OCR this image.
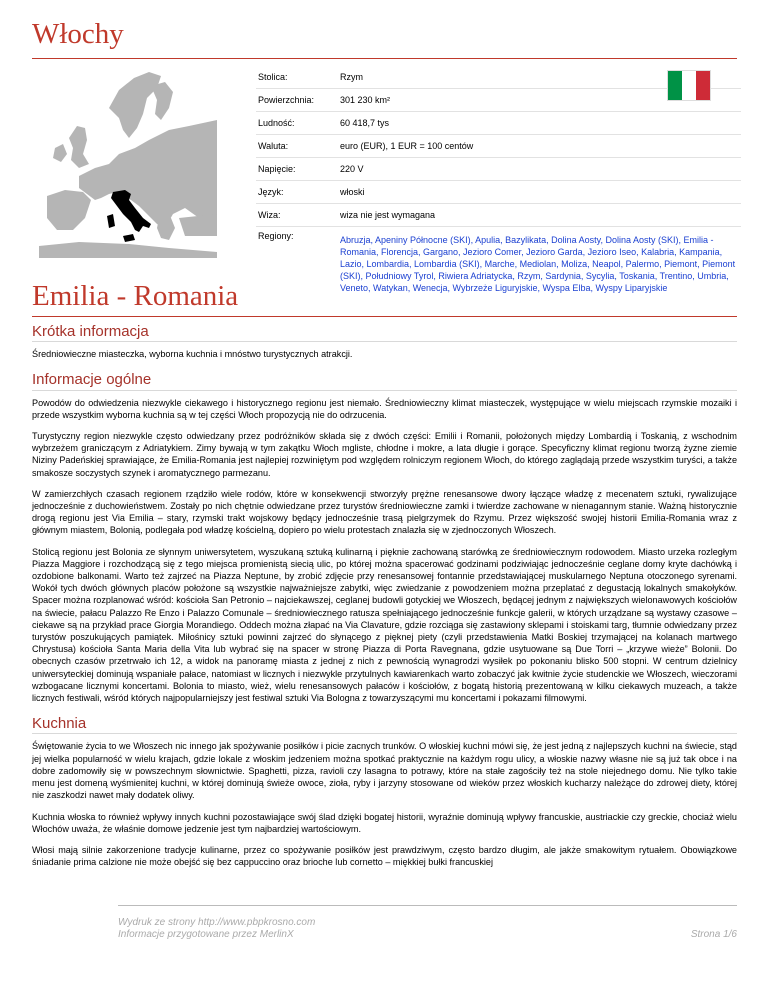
Włochy
Stolica:	Rzym
Powierzchnia:	301 230 km²
Ludność:	60 418,7 tys
Waluta:	euro (EUR), 1 EUR = 100 centów
Napięcie:	220 V
Język:	włoski
Wiza:	wiza nie jest wymagana
Regiony:	Abruzja, Apeniny Północne (SKI), Apulia, Bazylikata, Dolina Aosty, Dolina Aosty (SKI), Emilia - Romania, Florencja, Gargano, Jezioro Comer, Jezioro Garda, Jezioro Iseo, Kalabria, Kampania, Lazio, Lombardia, Lombardia (SKI), Marche, Mediolan, Moliza, Neapol, Palermo, Piemont, Piemont (SKI), Południowy Tyrol, Riwiera Adriatycka, Rzym, Sardynia, Sycylia, Toskania, Trentino, Umbria, Veneto, Watykan, Wenecja, Wybrzeże Liguryjskie, Wyspa Elba, Wyspy Liparyjskie
Emilia - Romania
Krótka informacja

Średniowieczne miasteczka, wyborna kuchnia i mnóstwo turystycznych atrakcji.

Informacje ogólne

Powodów do odwiedzenia niezwykle ciekawego i historycznego regionu jest niemało. Średniowieczny klimat miasteczek, występujące w wielu miejscach rzymskie mozaiki i przede wszystkim wyborna kuchnia są w tej części Włoch propozycją nie do odrzucenia.

Turystyczny region niezwykle często odwiedzany przez podróżników składa się z dwóch części: Emilii i Romanii, położonych między Lombardią i Toskanią, z wschodnim wybrzeżem graniczącym z Adriatykiem. Zimy bywają w tym zakątku Włoch mgliste, chłodne i mokre, a lata długie i gorące. Specyficzny klimat regionu tworzą żyzne ziemie Niziny Padeńskiej sprawiające, że Emilia-Romania jest najlepiej rozwiniętym pod względem rolniczym regionem Włoch, do którego zaglądają przede wszystkim turyści, a także smakosze soczystych szynek i aromatycznego parmezanu.

W zamierzchłych czasach regionem rządziło wiele rodów, które w konsekwencji stworzyły prężne renesansowe dwory łączące władzę z mecenatem sztuki, rywalizujące jednocześnie z duchowieństwem. Zostały po nich chętnie odwiedzane przez turystów średniowieczne zamki i twierdze zachowane w nienagannym stanie. Ważną historycznie drogą regionu jest Via Emilia – stary, rzymski trakt wojskowy będący jednocześnie trasą pielgrzymek do Rzymu. Przez większość swojej historii Emilia-Romania wraz z głównym miastem, Bolonią, podlegała pod władzę kościelną, dopiero po wielu protestach znalazła się w zjednoczonych Włoszech.

Stolicą regionu jest Bolonia ze słynnym uniwersytetem, wyszukaną sztuką kulinarną i pięknie zachowaną starówką ze średniowiecznym rodowodem. Miasto urzeka rozległym Piazza Maggiore i rozchodzącą się z tego miejsca promienistą siecią ulic, po której można spacerować godzinami podziwiając jednocześnie ceglane domy kryte dachówką i ozdobione balkonami. Warto też zajrzeć na Piazza Neptune, by zrobić zdjęcie przy renesansowej fontannie przedstawiającej muskularnego Neptuna otoczonego syrenami. Wokół tych dwóch głównych placów położone są wszystkie najważniejsze zabytki, więc zwiedzanie z powodzeniem można przeplatać z degustacją lokalnych smakołyków. Spacer można rozplanować wśród: kościoła San Petronio – najciekawszej, ceglanej budowli gotyckiej we Włoszech, będącej jednym z największych wielonawowych kościołów na świecie, pałacu Palazzo Re Enzo i Palazzo Comunale – średniowiecznego ratusza spełniającego jednocześnie funkcje galerii, w których urządzane są wystawy czasowe – ciekawe są na przykład prace Giorgia Morandiego. Oddech można złapać na Via Clavature, gdzie rozciąga się zastawiony sklepami i stoiskami targ, tłumnie odwiedzany przez turystów poszukujących pamiątek. Miłośnicy sztuki powinni zajrzeć do słynącego z pięknej piety (czyli przedstawienia Matki Boskiej trzymającej na kolanach martwego Chrystusa) kościoła Santa Maria della Vita lub wybrać się na spacer w stronę Piazza di Porta Ravegnana, gdzie usytuowane są Due Torri – „krzywe wieże” Bolonii. Do obecnych czasów przetrwało ich 12, a widok na panoramę miasta z jednej z nich z pewnością wynagrodzi wysiłek po pokonaniu blisko 500 stopni. W centrum dzielnicy uniwersyteckiej dominują wspaniałe pałace, natomiast w licznych i niezwykle przytulnych kawiarenkach warto zobaczyć jak kwitnie życie studenckie we Włoszech, wieczorami wzbogacane licznymi koncertami. Bolonia to miasto, wież, wielu renesansowych pałaców i kościołów, z bogatą historią prezentowaną w kilku ciekawych muzeach, a także licznych festiwali, wśród których najpopularniejszy jest festiwal sztuki Via Bologna z towarzyszącymi mu koncertami i pokazami filmowymi.

Kuchnia

Świętowanie życia to we Włoszech nic innego jak spożywanie posiłków i picie zacnych trunków. O włoskiej kuchni mówi się, że jest jedną z najlepszych kuchni na świecie, stąd jej wielka popularność w wielu krajach, gdzie lokale z włoskim jedzeniem można spotkać praktycznie na każdym rogu ulicy, a włoskie nazwy własne nie są już tak obce i na dobre zadomowiły się w powszechnym słownictwie. Spaghetti, pizza, ravioli czy lasagna to potrawy, które na stałe zagościły też na stole niejednego domu. Nie tylko takie menu jest domeną wyśmienitej kuchni, w której dominują świeże owoce, zioła, ryby i jarzyny stosowane od wieków przez włoskich kucharzy należące do zdrowej diety, której nie zaszkodzi nawet mały dodatek oliwy.

Kuchnia włoska to również wpływy innych kuchni pozostawiające swój ślad dzięki bogatej historii, wyraźnie dominują wpływy francuskie, austriackie czy greckie, chociaż wielu Włochów uważa, że właśnie domowe jedzenie jest tym najbardziej wartościowym.

Włosi mają silnie zakorzenione tradycje kulinarne, przez co spożywanie posiłków jest prawdziwym, często bardzo długim, ale jakże smakowitym rytuałem. Obowiązkowe śniadanie prima calzione nie może obejść się bez cappuccino oraz brioche lub cornetto – miękkiej bułki francuskiej

Wydruk ze strony http://www.pbpkrosno.com
Informacje przygotowane przez MerlinX	Strona 1/6
